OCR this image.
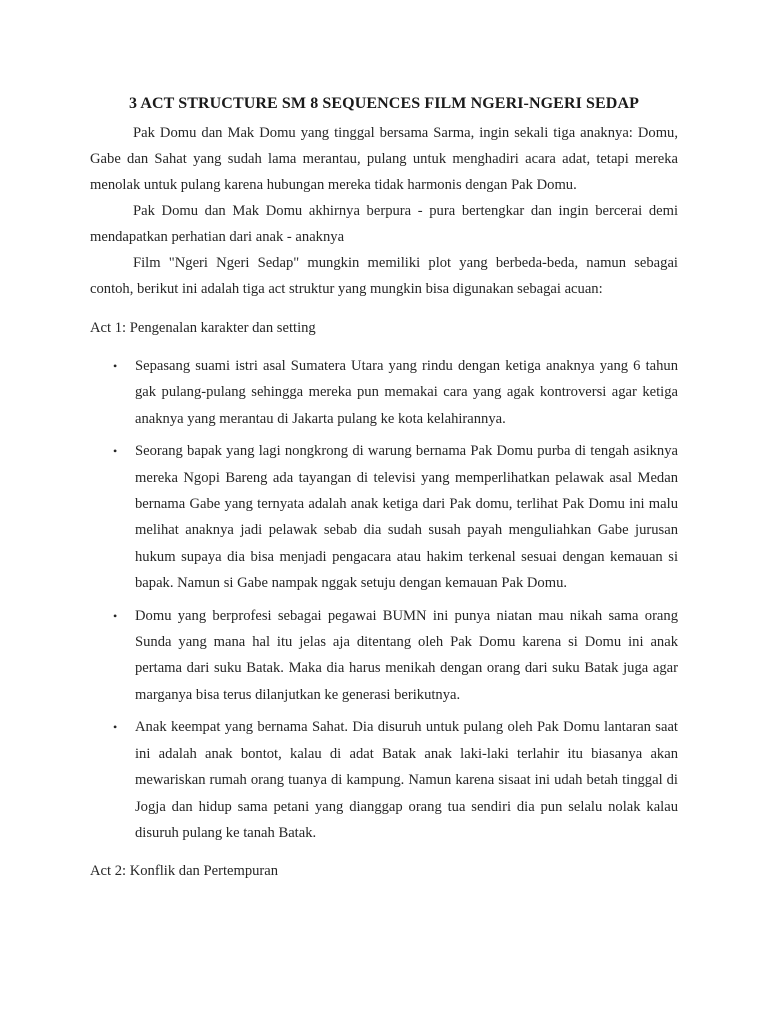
3 ACT STRUCTURE SM 8 SEQUENCES FILM NGERI-NGERI SEDAP

Pak Domu dan Mak Domu yang tinggal bersama Sarma, ingin sekali tiga anaknya: Domu, Gabe dan Sahat yang sudah lama merantau, pulang untuk menghadiri acara adat, tetapi mereka menolak untuk pulang karena hubungan mereka tidak harmonis dengan Pak Domu.

Pak Domu dan Mak Domu akhirnya berpura - pura bertengkar dan ingin bercerai demi mendapatkan perhatian dari anak - anaknya

Film "Ngeri Ngeri Sedap" mungkin memiliki plot yang berbeda-beda, namun sebagai contoh, berikut ini adalah tiga act struktur yang mungkin bisa digunakan sebagai acuan:

Act 1: Pengenalan karakter dan setting

• Sepasang suami istri asal Sumatera Utara yang rindu dengan ketiga anaknya yang 6 tahun gak pulang-pulang sehingga mereka pun memakai cara yang agak kontroversi agar ketiga anaknya yang merantau di Jakarta pulang ke kota kelahirannya.
• Seorang bapak yang lagi nongkrong di warung bernama Pak Domu purba di tengah asiknya mereka Ngopi Bareng ada tayangan di televisi yang memperlihatkan pelawak asal Medan bernama Gabe yang ternyata adalah anak ketiga dari Pak domu, terlihat Pak Domu ini malu melihat anaknya jadi pelawak sebab dia sudah susah payah menguliahkan Gabe jurusan hukum supaya dia bisa menjadi pengacara atau hakim terkenal sesuai dengan kemauan si bapak. Namun si Gabe nampak nggak setuju dengan kemauan Pak Domu.
• Domu yang berprofesi sebagai pegawai BUMN ini punya niatan mau nikah sama orang Sunda yang mana hal itu jelas aja ditentang oleh Pak Domu karena si Domu ini anak pertama dari suku Batak. Maka dia harus menikah dengan orang dari suku Batak juga agar marganya bisa terus dilanjutkan ke generasi berikutnya.
• Anak keempat yang bernama Sahat. Dia disuruh untuk pulang oleh Pak Domu lantaran saat ini adalah anak bontot, kalau di adat Batak anak laki-laki terlahir itu biasanya akan mewariskan rumah orang tuanya di kampung. Namun karena sisaat ini udah betah tinggal di Jogja dan hidup sama petani yang dianggap orang tua sendiri dia pun selalu nolak kalau disuruh pulang ke tanah Batak.

Act 2: Konflik dan Pertempuran
